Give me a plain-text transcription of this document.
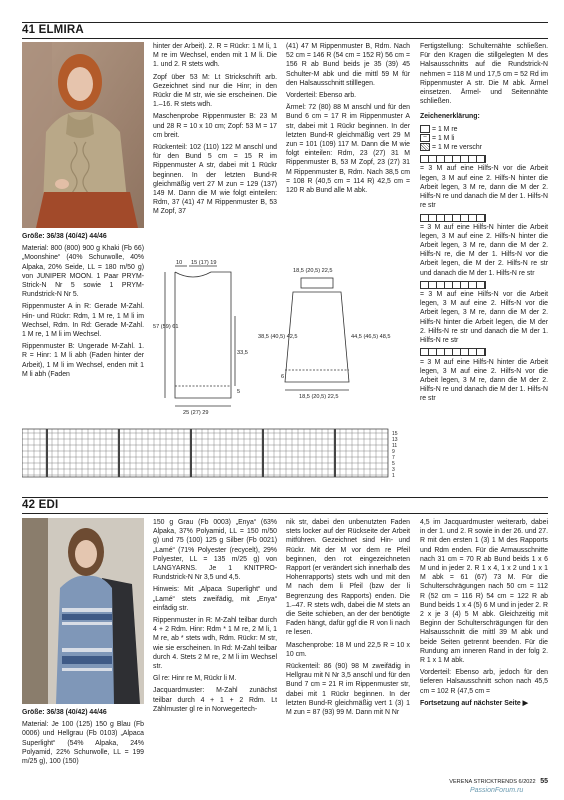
41 ELMIRA

Größe: 36/38 (40/42) 44/46

Material: 800 (800) 900 g Khaki (Fb 66) „Moonshine“ (40% Schurwolle, 40% Alpaka, 20% Seide, LL = 180 m/50 g) von JUNIPER MOON. 1 Paar PRYM-Strick-N Nr 5 sowie 1 PRYM-Rundstrick-N Nr 5.

Rippenmuster A in R: Gerade M-Zahl. Hin- und Rückr: Rdm, 1 M re, 1 M li im Wechsel, Rdm. In Rd: Gerade M-Zahl. 1 M re, 1 M li im Wechsel.

Rippenmuster B: Ungerade M-Zahl. 1. R = Hinr: 1 M li abh (Faden hinter der Arbeit), 1 M li im Wechsel, enden mit 1 M li abh (Faden

hinter der Arbeit). 2. R = Rückr: 1 M li, 1 M re im Wechsel, enden mit 1 M li. Die 1. und 2. R stets wdh.

Zopf über 53 M: Lt Strickschrift arb. Gezeichnet sind nur die Hinr; in den Rückr die M str, wie sie erscheinen. Die 1.–16. R stets wdh.

Maschenprobe Rippenmuster B: 23 M und 28 R = 10 x 10 cm; Zopf: 53 M = 17 cm breit.

Rückenteil: 102 (110) 122 M anschl und für den Bund 5 cm = 15 R im Rippenmuster A str, dabei mit 1 Rückr beginnen. In der letzten Bund-R gleichmäßig vert 27 M zun = 129 (137) 149 M. Dann die M wie folgt einteilen: Rdm, 37 (41) 47 M Rippenmuster B, 53 M Zopf, 37

(41) 47 M Rippenmuster B, Rdm. Nach 52 cm = 146 R (54 cm = 152 R) 56 cm = 156 R ab Bund beids je 35 (39) 45 Schulter-M abk und die mittl 59 M für den Halsausschnitt stilllegen.

Vorderteil: Ebenso arb.

Ärmel: 72 (80) 88 M anschl und für den Bund 6 cm = 17 R im Rippenmuster A str, dabei mit 1 Rückr beginnen. In der letzten Bund-R gleichmäßig vert 29 M zun = 101 (109) 117 M. Dann die M wie folgt einteilen: Rdm, 23 (27) 31 M Rippenmuster B, 53 M Zopf, 23 (27) 31 M Rippenmuster B, Rdm. Nach 38,5 cm = 108 R (40,5 cm = 114 R) 42,5 cm = 120 R ab Bund alle M abk.

Fertigstellung: Schulternähte schließen. Für den Kragen die stillgelegten M des Halsausschnitts auf die Rundstrick-N nehmen = 118 M und 17,5 cm = 52 Rd im Rippenmuster A str. Die M abk. Ärmel einsetzen. Ärmel- und Seitennähte schließen.

Zeichenerklärung:

= 1 M re
– = 1 M li
= 1 M re verschr

= 3 M auf eine Hilfs-N vor die Arbeit legen, 3 M auf eine 2. Hilfs-N hinter die Arbeit legen, 3 M re, dann die M der 2. Hilfs-N re und danach die M der 1. Hilfs-N re str

= 3 M auf eine Hilfs-N hinter die Arbeit legen, 3 M auf eine 2. Hilfs-N hinter die Arbeit legen, 3 M re, dann die M der 2. Hilfs-N re, die M der 1. Hilfs-N vor die Arbeit legen, die M der 2. Hilfs-N re str und danach die M der 1. Hilfs-N re str

= 3 M auf eine Hilfs-N vor die Arbeit legen, 3 M auf eine 2. Hilfs-N vor die Arbeit legen, 3 M re, dann die M der 2. Hilfs-N hinter die Arbeit legen, die M der 2. Hilfs-N re str und danach die M der 1. Hilfs-N re str

= 3 M auf eine Hilfs-N hinter die Arbeit legen, 3 M auf eine 2. Hilfs-N vor die Arbeit legen, 3 M re, dann die M der 2. Hilfs-N re und danach die M der 1. Hilfs-N re str
10 15 (17) 19
57 (59) 61
33,5
5
25 (27) 29
18,5 (20,5) 22,5
38,5 (40,5) 42,5	44,5 (46,5) 48,5
6
18,5 (20,5) 22,5
15
13
11
9
7
5
3
1
42 EDI

Größe: 36/38 (40/42) 44/46

Material: Je 100 (125) 150 g Blau (Fb 0006) und Hellgrau (Fb 0103) „Alpaca Superlight“ (54% Alpaka, 24% Polyamid, 22% Schurwolle, LL = 199 m/25 g), 100 (150)

150 g Grau (Fb 0003) „Enya“ (63% Alpaka, 37% Polyamid, LL = 150 m/50 g) und 75 (100) 125 g Silber (Fb 0021) „Lamé“ (71% Polyester (recycelt), 29% Polyester, LL = 135 m/25 g) von LANGYARNS. Je 1 KNITPRO-Rundstrick-N Nr 3,5 und 4,5.

Hinweis: Mit „Alpaca Superlight“ und „Lamé“ stets zweifädig, mit „Enya“ einfädig str.

Rippenmuster in R: M-Zahl teilbar durch 4 + 2 Rdm. Hinr: Rdm * 1 M re, 2 M li, 1 M re, ab * stets wdh, Rdm. Rückr: M str, wie sie erscheinen. In Rd: M-Zahl teilbar durch 4. Stets 2 M re, 2 M li im Wechsel str.

Gl re: Hinr re M, Rückr li M.

Jacquardmuster: M-Zahl zunächst teilbar durch 4 + 1 + 2 Rdm. Lt Zählmuster gl re in Norwegertech-

nik str, dabei den unbenutzten Faden stets locker auf der Rückseite der Arbeit mitführen. Gezeichnet sind Hin- und Rückr. Mit der M vor dem re Pfeil beginnen, den rot eingezeichneten Rapport (er verändert sich innerhalb des Hohenrapports) stets wdh und mit den M nach dem li Pfeil (bzw der li Begrenzung des Rapports) enden. Die 1.–47. R stets wdh, dabei die M stets an die Seite schieben, an der der benötigte Faden hängt, dafür ggf die R von li nach re lesen.

Maschenprobe: 18 M und 22,5 R = 10 x 10 cm.

Rückenteil: 86 (90) 98 M zweifädig in Hellgrau mit N Nr 3,5 anschl und für den Bund 7 cm = 21 R im Rippenmuster str, dabei mit 1 Rückr beginnen. In der letzten Bund-R gleichmäßig vert 1 (3) 1 M zun = 87 (93) 99 M. Dann mit N Nr

4,5 im Jacquardmuster weiterarb, dabei in der 1. und 2. R sowie in der 26. und 27. R mit den ersten 1 (3) 1 M des Rapports und Rdm enden. Für die Armausschnitte nach 31 cm = 70 R ab Bund beids 1 x 6 M und in jeder 2. R 1 x 4, 1 x 2 und 1 x 1 M abk = 61 (67) 73 M. Für die Schulterschrägungen nach 50 cm = 112 R (52 cm = 116 R) 54 cm = 122 R ab Bund beids 1 x 4 (5) 6 M und in jeder 2. R 2 x je 3 (4) 5 M abk. Gleichzeitig mit Beginn der Schulterschrägungen für den Halsausschnitt die mittl 39 M abk und beide Seiten getrennt beenden. Für die Rundung am inneren Rand in der folg 2. R 1 x 1 M abk.

Vorderteil: Ebenso arb, jedoch für den tieferen Halsausschnitt schon nach 45,5 cm = 102 R (47,5 cm =

Fortsetzung auf nächster Seite ▶

VERENA STRICKTRENDS 6/2022 55
PassionForum.ru
